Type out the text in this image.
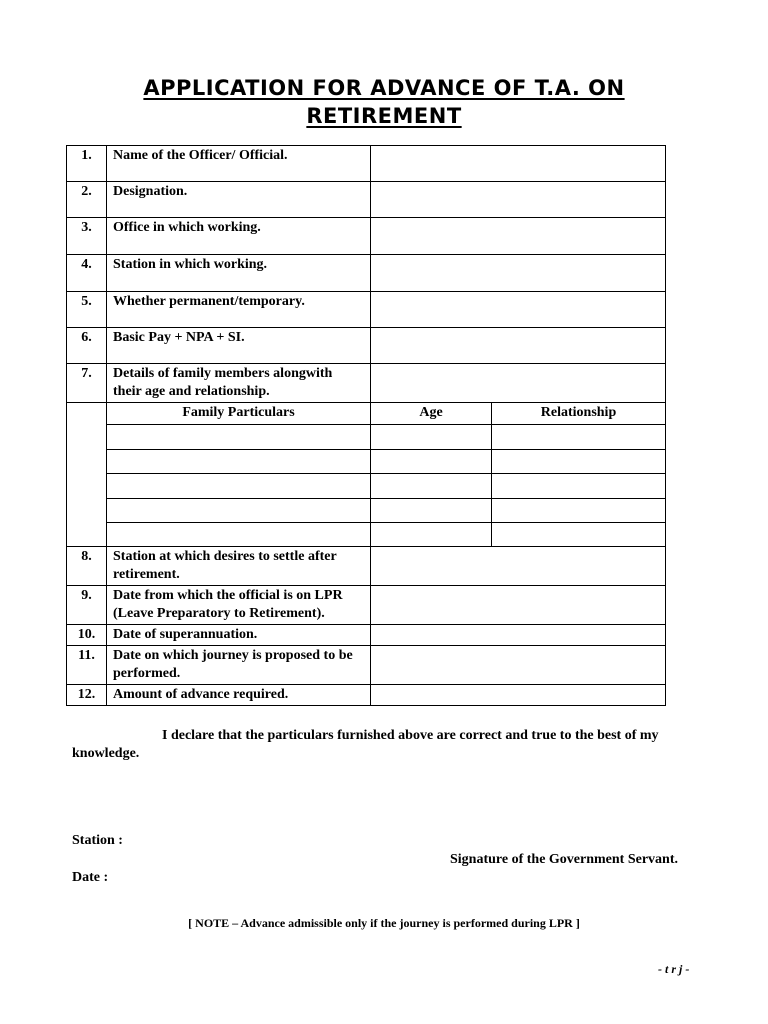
APPLICATION FOR ADVANCE OF T.A. ON
RETIREMENT
1.	Name of the Officer/ Official.		
2.	Designation.		
3.	Office in which working.		
4.	Station in which working.		
5.	Whether permanent/temporary.		
6.	Basic Pay + NPA + SI.		
7.	Details of family members alongwith their age and relationship.		
	Family Particulars	Age	Relationship

8.	Station at which desires to settle after retirement.		
9.	Date from which the official is on LPR (Leave Preparatory to Retirement).		
10.	Date of superannuation.		
11.	Date on which journey is proposed to be performed.		
12.	Amount of advance required.		
I declare that the particulars furnished above are correct and true to the best of my knowledge.
Station :
Date :
Signature of the Government Servant.
[ NOTE – Advance admissible only if the journey is performed during LPR ]
- t r j -
